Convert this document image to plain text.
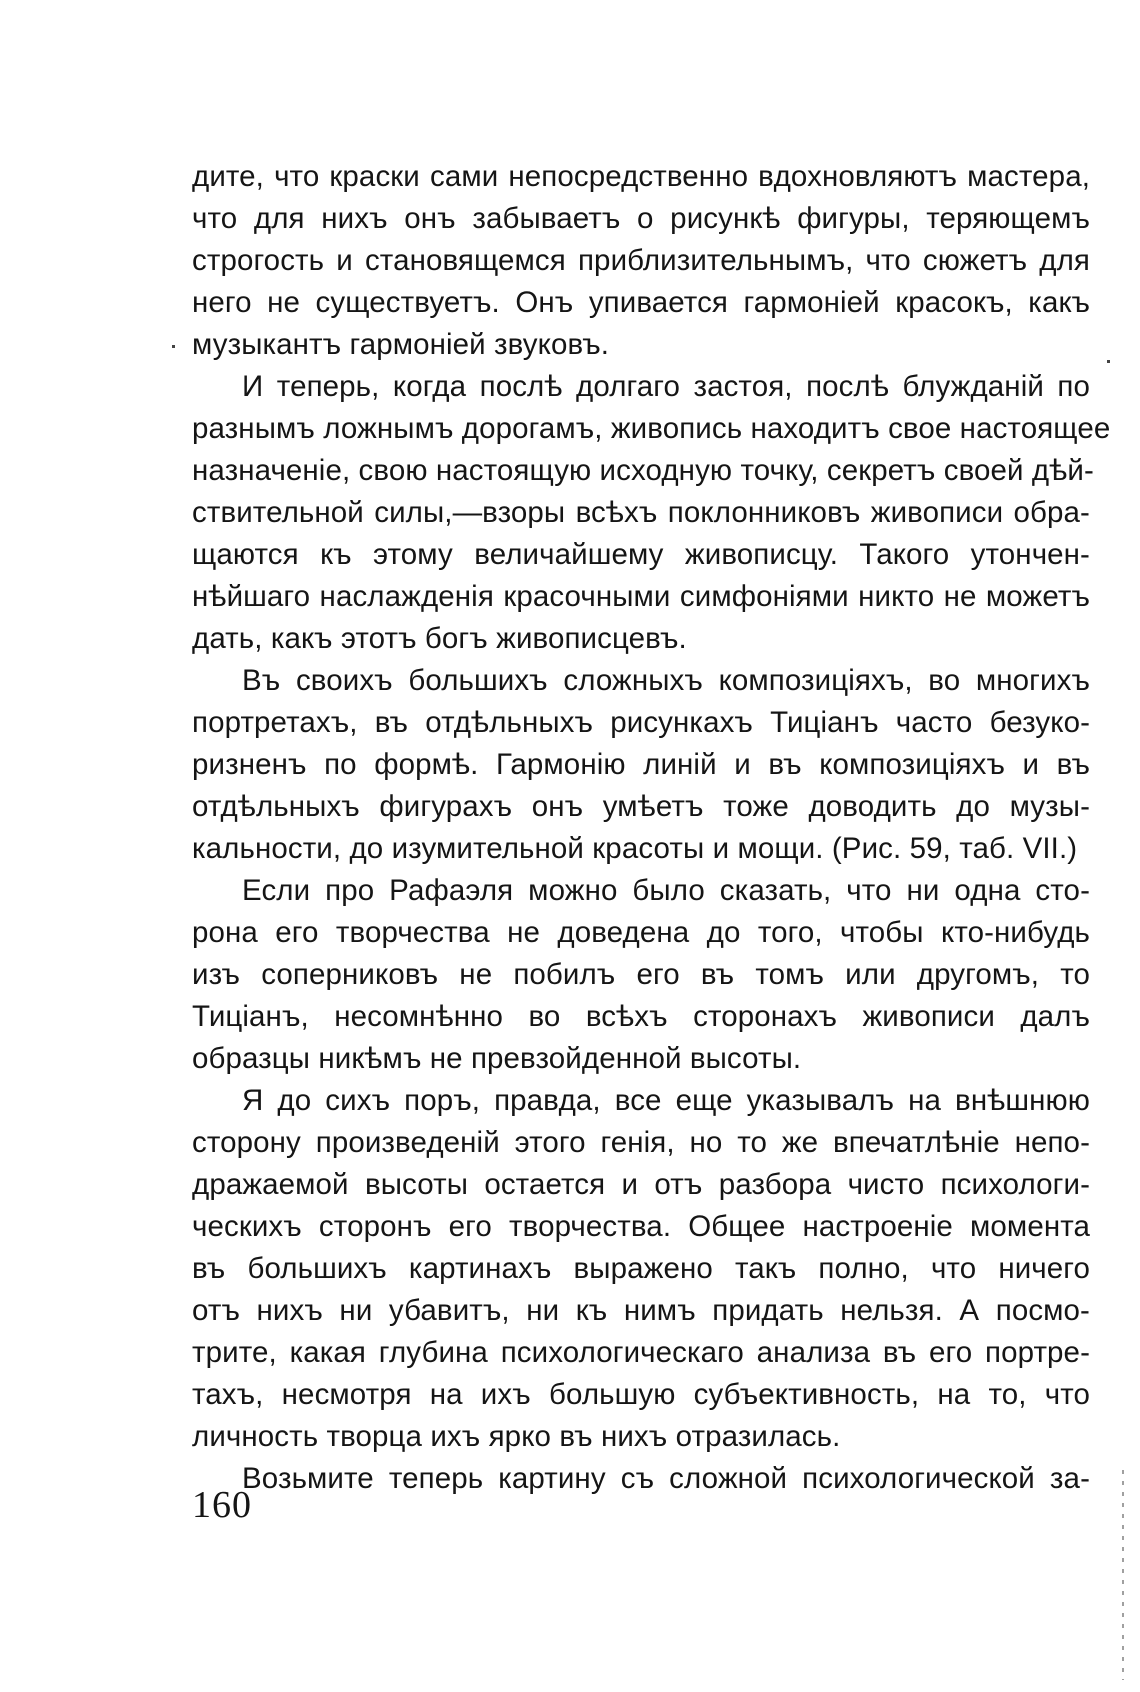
дите, что краски сами непосредственно вдохновляютъ мастера,
что для нихъ онъ забываетъ о рисункѣ фигуры, теряющемъ
строгость и становящемся приблизительнымъ, что сюжетъ для
него не существуетъ. Онъ упивается гармоніей красокъ, какъ
музыкантъ гармоніей звуковъ.
И теперь, когда послѣ долгаго застоя, послѣ блужданій по
разнымъ ложнымъ дорогамъ, живопись находитъ свое настоящее
назначеніе, свою настоящую исходную точку, секретъ своей дѣй-
ствительной силы,—взоры всѣхъ поклонниковъ живописи обра-
щаются къ этому величайшему живописцу. Такого утончен-
нѣйшаго наслажденія красочными симфоніями никто не можетъ
дать, какъ этотъ богъ живописцевъ.
Въ своихъ большихъ сложныхъ композиціяхъ, во многихъ
портретахъ, въ отдѣльныхъ рисункахъ Тиціанъ часто безуко-
ризненъ по формѣ. Гармонію линій и въ композиціяхъ и въ
отдѣльныхъ фигурахъ онъ умѣетъ тоже доводить до музы-
кальности, до изумительной красоты и мощи. (Рис. 59, таб. VII.)
Если про Рафаэля можно было сказать, что ни одна сто-
рона его творчества не доведена до того, чтобы кто-нибудь
изъ соперниковъ не побилъ его въ томъ или другомъ, то
Тиціанъ, несомнѣнно во всѣхъ сторонахъ живописи далъ
образцы никѣмъ не превзойденной высоты.
Я до сихъ поръ, правда, все еще указывалъ на внѣшнюю
сторону произведеній этого генія, но то же впечатлѣніе непо-
дражаемой высоты остается и отъ разбора чисто психологи-
ческихъ сторонъ его творчества. Общее настроеніе момента
въ большихъ картинахъ выражено такъ полно, что ничего
отъ нихъ ни убавитъ, ни къ нимъ придать нельзя. А посмо-
трите, какая глубина психологическаго анализа въ его портре-
тахъ, несмотря на ихъ большую субъективность, на то, что
личность творца ихъ ярко въ нихъ отразилась.
Возьмите теперь картину съ сложной психологической за-
160
